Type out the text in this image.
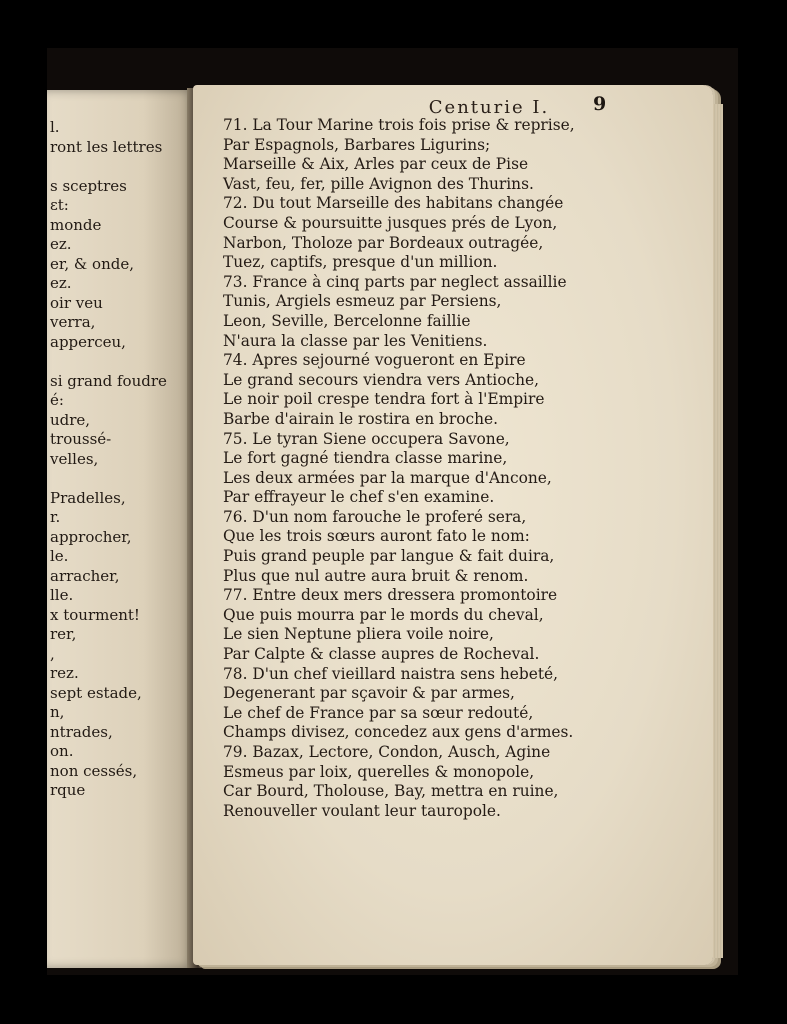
l.
ront les lettres
s sceptres
ɛt:
monde
ez.
er, & onde,
ez.
oir veu
verra,
apperceu,
si grand foudre
é:
udre,
troussé-
velles,
Pradelles,
r.
approcher,
le.
arracher,
lle.
x tourment!
rer,
,
rez.
sept estade,
n,
ntrades,
on.
non cessés,
rque
Centurie I.	9
71. La Tour Marine trois fois prise & reprise,
Par Espagnols, Barbares Ligurins;
Marseille & Aix, Arles par ceux de Pise
Vast, feu, fer, pille Avignon des Thurins.
72. Du tout Marseille des habitans changée
Course & poursuitte jusques prés de Lyon,
Narbon, Tholoze par Bordeaux outragée,
Tuez, captifs, presque d'un million.
73. France à cinq parts par neglect assaillie
Tunis, Argiels esmeuz par Persiens,
Leon, Seville, Bercelonne faillie
N'aura la classe par les Venitiens.
74. Apres sejourné vogueront en Epire
Le grand secours viendra vers Antioche,
Le noir poil crespe tendra fort à l'Empire
Barbe d'airain le rostira en broche.
75. Le tyran Siene occupera Savone,
Le fort gagné tiendra classe marine,
Les deux armées par la marque d'Ancone,
Par effrayeur le chef s'en examine.
76. D'un nom farouche le proferé sera,
Que les trois sœurs auront fato le nom:
Puis grand peuple par langue & fait duira,
Plus que nul autre aura bruit & renom.
77. Entre deux mers dressera promontoire
Que puis mourra par le mords du cheval,
Le sien Neptune pliera voile noire,
Par Calpte & classe aupres de Rocheval.
78. D'un chef vieillard naistra sens hebeté,
Degenerant par sçavoir & par armes,
Le chef de France par sa sœur redouté,
Champs divisez, concedez aux gens d'armes.
79. Bazax, Lectore, Condon, Ausch, Agine
Esmeus par loix, querelles & monopole,
Car Bourd, Tholouse, Bay, mettra en ruine,
Renouveller voulant leur tauropole.
